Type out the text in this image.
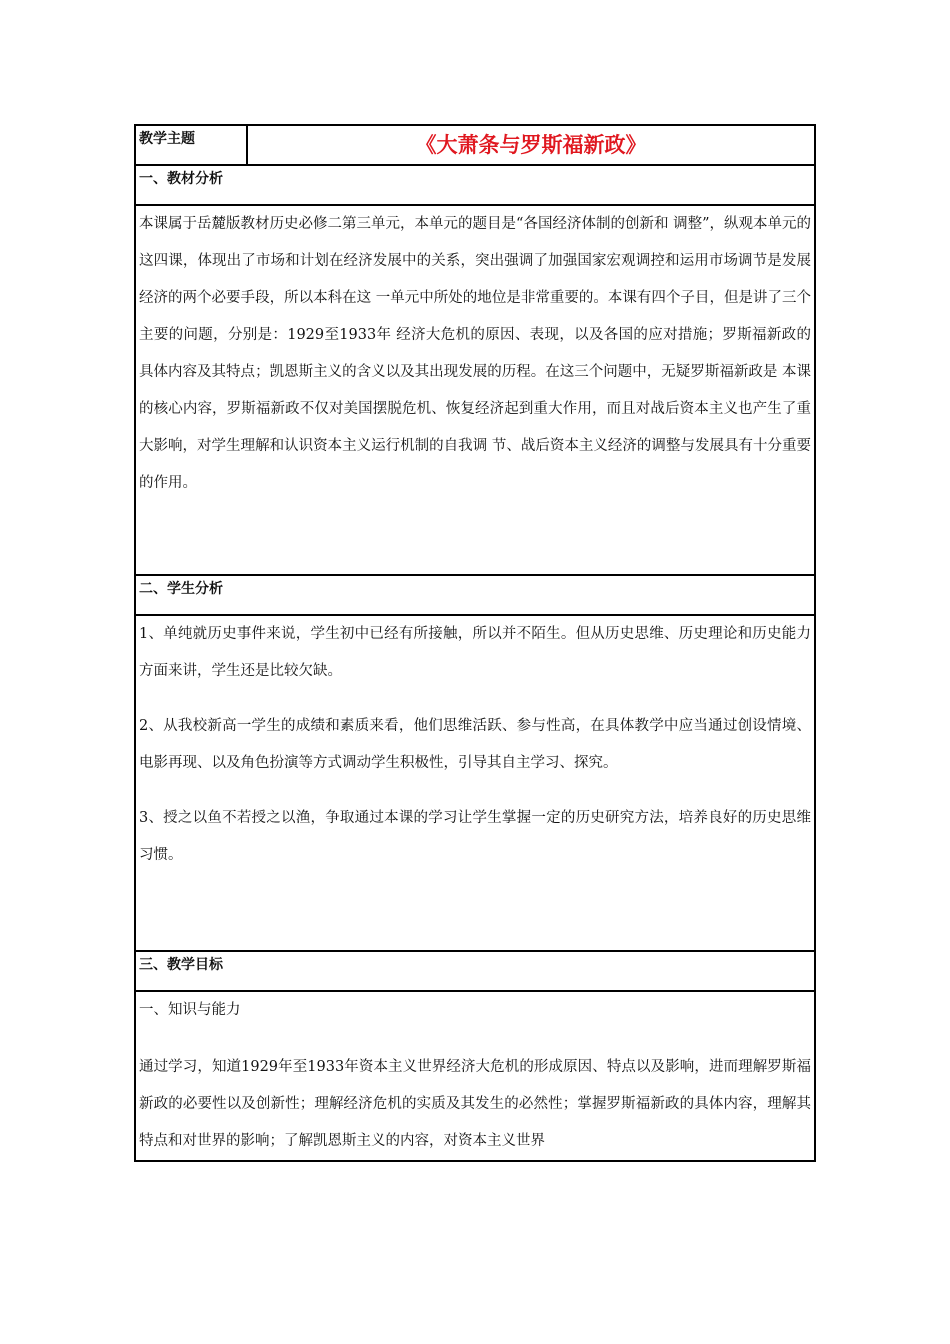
教学主题	《大萧条与罗斯福新政》
一、教材分析

本课属于岳麓版教材历史必修二第三单元，本单元的题目是“各国经济体制的创新和 调整”，纵观本单元的这四课，体现出了市场和计划在经济发展中的关系，突出强调了加强国家宏观调控和运用市场调节是发展经济的两个必要手段，所以本科在这 一单元中所处的地位是非常重要的。本课有四个子目，但是讲了三个主要的问题，分别是：1929至1933年 经济大危机的原因、表现，以及各国的应对措施；罗斯福新政的具体内容及其特点；凯恩斯主义的含义以及其出现发展的历程。在这三个问题中，无疑罗斯福新政是 本课的核心内容，罗斯福新政不仅对美国摆脱危机、恢复经济起到重大作用，而且对战后资本主义也产生了重大影响，对学生理解和认识资本主义运行机制的自我调 节、战后资本主义经济的调整与发展具有十分重要的作用。

二、学生分析

1、单纯就历史事件来说，学生初中已经有所接触，所以并不陌生。但从历史思维、历史理论和历史能力方面来讲，学生还是比较欠缺。

2、从我校新高一学生的成绩和素质来看，他们思维活跃、参与性高，在具体教学中应当通过创设情境、电影再现、以及角色扮演等方式调动学生积极性，引导其自主学习、探究。

3、授之以鱼不若授之以渔，争取通过本课的学习让学生掌握一定的历史研究方法，培养良好的历史思维习惯。

三、教学目标

一、知识与能力

通过学习，知道1929年至1933年资本主义世界经济大危机的形成原因、特点以及影响，进而理解罗斯福新政的必要性以及创新性；理解经济危机的实质及其发生的必然性；掌握罗斯福新政的具体内容，理解其特点和对世界的影响；了解凯恩斯主义的内容，对资本主义世界
